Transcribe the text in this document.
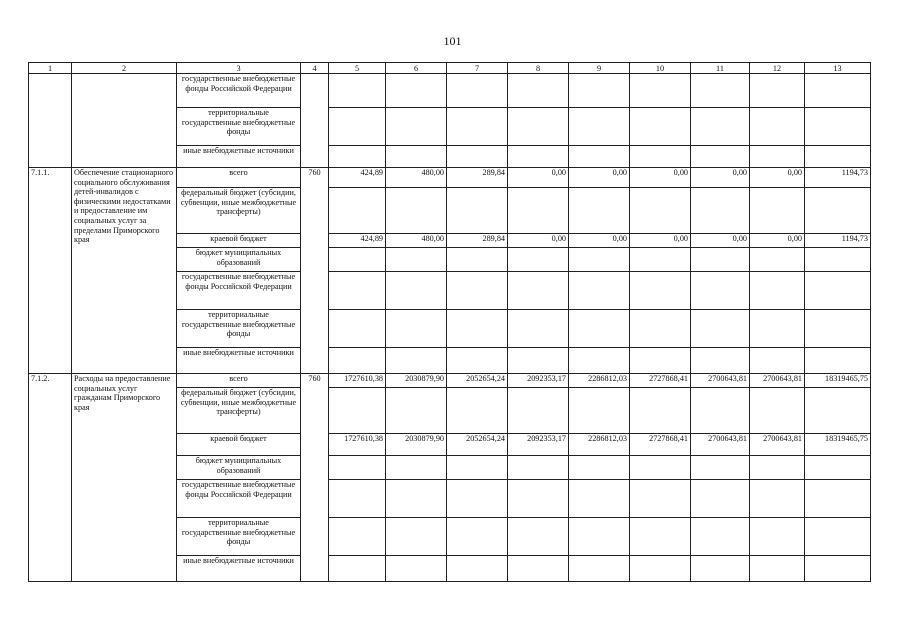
101
1	2	3	4	5	6	7	8	9	10	11	12	13
		государственные внебюджетные фонды Российской Федерации										
		территориальные государственные внебюджетные фонды										
		иные внебюджетные источники										
7.1.1.	Обеспечение стационарного социального обслуживания детей-инвалидов с физическими недостатками и предоставление им социальных услуг за пределами Приморского края	всего	760	424,89	480,00	289,84	0,00	0,00	0,00	0,00	0,00	1194,73
		федеральный бюджет (субсидии, субвенции, иные межбюджетные трансферты)										
		краевой бюджет		424,89	480,00	289,84	0,00	0,00	0,00	0,00	0,00	1194,73
		бюджет муниципальных образований										
		государственные внебюджетные фонды Российской Федерации										
		территориальные государственные внебюджетные фонды										
		иные внебюджетные источники										
7.1.2.	Расходы на предоставление социальных услуг гражданам Приморского края	всего	760	1727610,38	2030879,90	2052654,24	2092353,17	2286812,03	2727868,41	2700643,81	2700643,81	18319465,75
		федеральный бюджет (субсидии, субвенции, иные межбюджетные трансферты)										
		краевой бюджет		1727610,38	2030879,90	2052654,24	2092353,17	2286812,03	2727868,41	2700643,81	2700643,81	18319465,75
		бюджет муниципальных образований										
		государственные внебюджетные фонды Российской Федерации										
		территориальные государственные внебюджетные фонды										
		иные внебюджетные источники										
